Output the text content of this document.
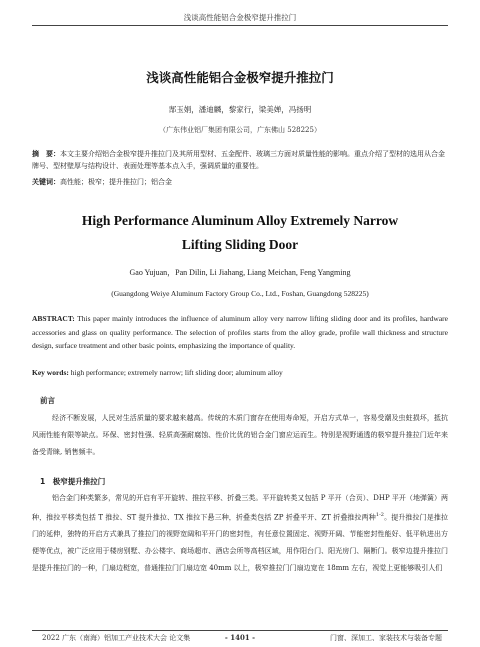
浅谈高性能铝合金极窄提升推拉门
浅谈高性能铝合金极窄提升推拉门
郜玉娟，潘迪麟，黎家行，梁美婵，冯扬明
（广东伟业铝厂集团有限公司，广东佛山 528225）
摘　要：本文主要介绍铝合金极窄提升推拉门及其所用型材、五金配件、玻璃三方面对质量性能的影响。重点介绍了型材的选用从合金牌号、型材壁厚与结构设计、表面处理等基本点入手，强调质量的重要性。
关键词：高性能；极窄；提升推拉门；铝合金
High Performance Aluminum Alloy Extremely Narrow
Lifting Sliding Door
Gao Yujuan，Pan Dilin, Li Jiahang, Liang Meichan, Feng Yangming
(Guangdong Weiye Aluminum Factory Group Co., Ltd., Foshan, Guangdong 528225)
ABSTRACT: This paper mainly introduces the influence of aluminum alloy very narrow lifting sliding door and its profiles, hardware accessories and glass on quality performance. The selection of profiles starts from the alloy grade, profile wall thickness and structure design, surface treatment and other basic points, emphasizing the importance of quality.
Key words: high performance; extremely narrow; lift sliding door; aluminum alloy
前言
经济不断发展，人民对生活质量的要求越来越高。传统的木质门窗存在使用寿命短，开启方式单一，容易受潮及虫蛀损坏，抵抗风雨性能有限等缺点。环保、密封性强、轻质高强耐腐蚀、性价比优的铝合金门窗应运而生。特别是视野通透的极窄提升推拉门近年来备受青睐, 销售频丰。
1　极窄提升推拉门
铝合金门种类繁多，常见的开启有平开旋转、推拉平移、折叠三类。平开旋转类又包括 P 平开（合页）、DHP 平开（地弹簧）两种，推拉平移类包括 T 推拉、ST 提升推拉、TX 推拉下悬三种，折叠类包括 ZP 折叠平开、ZT 折叠推拉两种$^{1-2}$。提升推拉门是推拉门的延伸，独特的开启方式兼具了推拉门的视野宽阔和平开门的密封性，有任意位置固定、视野开阔、节能密封性能好、低平轨进出方便等优点，被广泛应用于楼房别墅、办公楼宇、商场超市、酒店会所等高档区域，用作阳台门、阳光房门、隔断门。极窄边提升推拉门是提升推拉门的一种，门扇边梃宽，普通推拉门门扇边宽 40mm 以上，极窄推拉门门扇边宽在 18mm 左右，视觉上更能够吸引人们
2022 广东（南海）铝加工产业技术大会 论文集	- 1401 -	门窗、深加工、家装技术与装备专题
